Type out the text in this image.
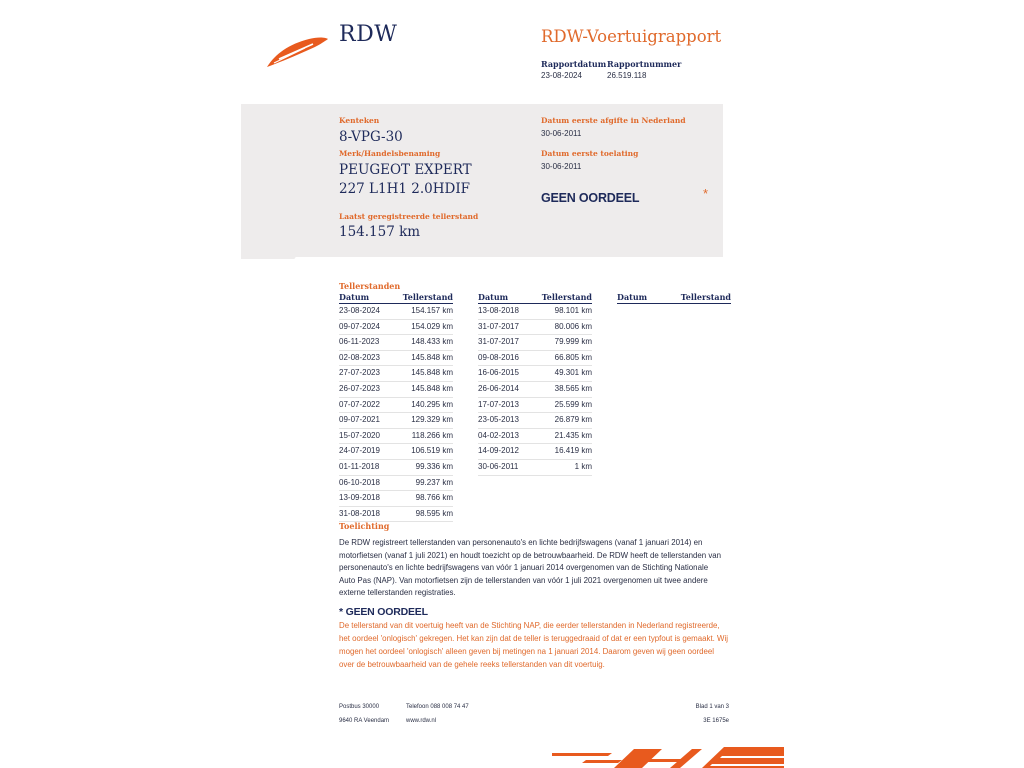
RDW	RDW-Voertuigrapport
Rapportdatum
23-08-2024
Rapportnummer
26.519.118
Kenteken
8-VPG-30
Merk/Handelsbenaming
PEUGEOT EXPERT
227 L1H1 2.0HDIF
Laatst geregistreerde tellerstand
154.157 km
Datum eerste afgifte in Nederland
30-06-2011
Datum eerste toelating
30-06-2011
GEEN OORDEEL	*
Tellerstanden
Datum	Tellerstand
23-08-2024	154.157 km
09-07-2024	154.029 km
06-11-2023	148.433 km
02-08-2023	145.848 km
27-07-2023	145.848 km
26-07-2023	145.848 km
07-07-2022	140.295 km
09-07-2021	129.329 km
15-07-2020	118.266 km
24-07-2019	106.519 km
01-11-2018	99.336 km
06-10-2018	99.237 km
13-09-2018	98.766 km
31-08-2018	98.595 km
Datum	Tellerstand
13-08-2018	98.101 km
31-07-2017	80.006 km
31-07-2017	79.999 km
09-08-2016	66.805 km
16-06-2015	49.301 km
26-06-2014	38.565 km
17-07-2013	25.599 km
23-05-2013	26.879 km
04-02-2013	21.435 km
14-09-2012	16.419 km
30-06-2011	1 km
Datum	Tellerstand
Toelichting
De RDW registreert tellerstanden van personenauto's en lichte bedrijfswagens (vanaf 1 januari 2014) en motorfietsen (vanaf 1 juli 2021) en houdt toezicht op de betrouwbaarheid. De RDW heeft de tellerstanden van personenauto's en lichte bedrijfswagens van vóór 1 januari 2014 overgenomen van de Stichting Nationale Auto Pas (NAP). Van motorfietsen zijn de tellerstanden van vóór 1 juli 2021 overgenomen uit twee andere externe tellerstanden registraties.
* GEEN OORDEEL
De tellerstand van dit voertuig heeft van de Stichting NAP, die eerder tellerstanden in Nederland registreerde, het oordeel 'onlogisch' gekregen. Het kan zijn dat de teller is teruggedraaid of dat er een typfout is gemaakt. Wij mogen het oordeel 'onlogisch' alleen geven bij metingen na 1 januari 2014. Daarom geven wij geen oordeel over de betrouwbaarheid van de gehele reeks tellerstanden van dit voertuig.
Postbus 30000
9640 RA Veendam
Telefoon 088 008 74 47
www.rdw.nl
Blad 1 van 3
3E 1675e
